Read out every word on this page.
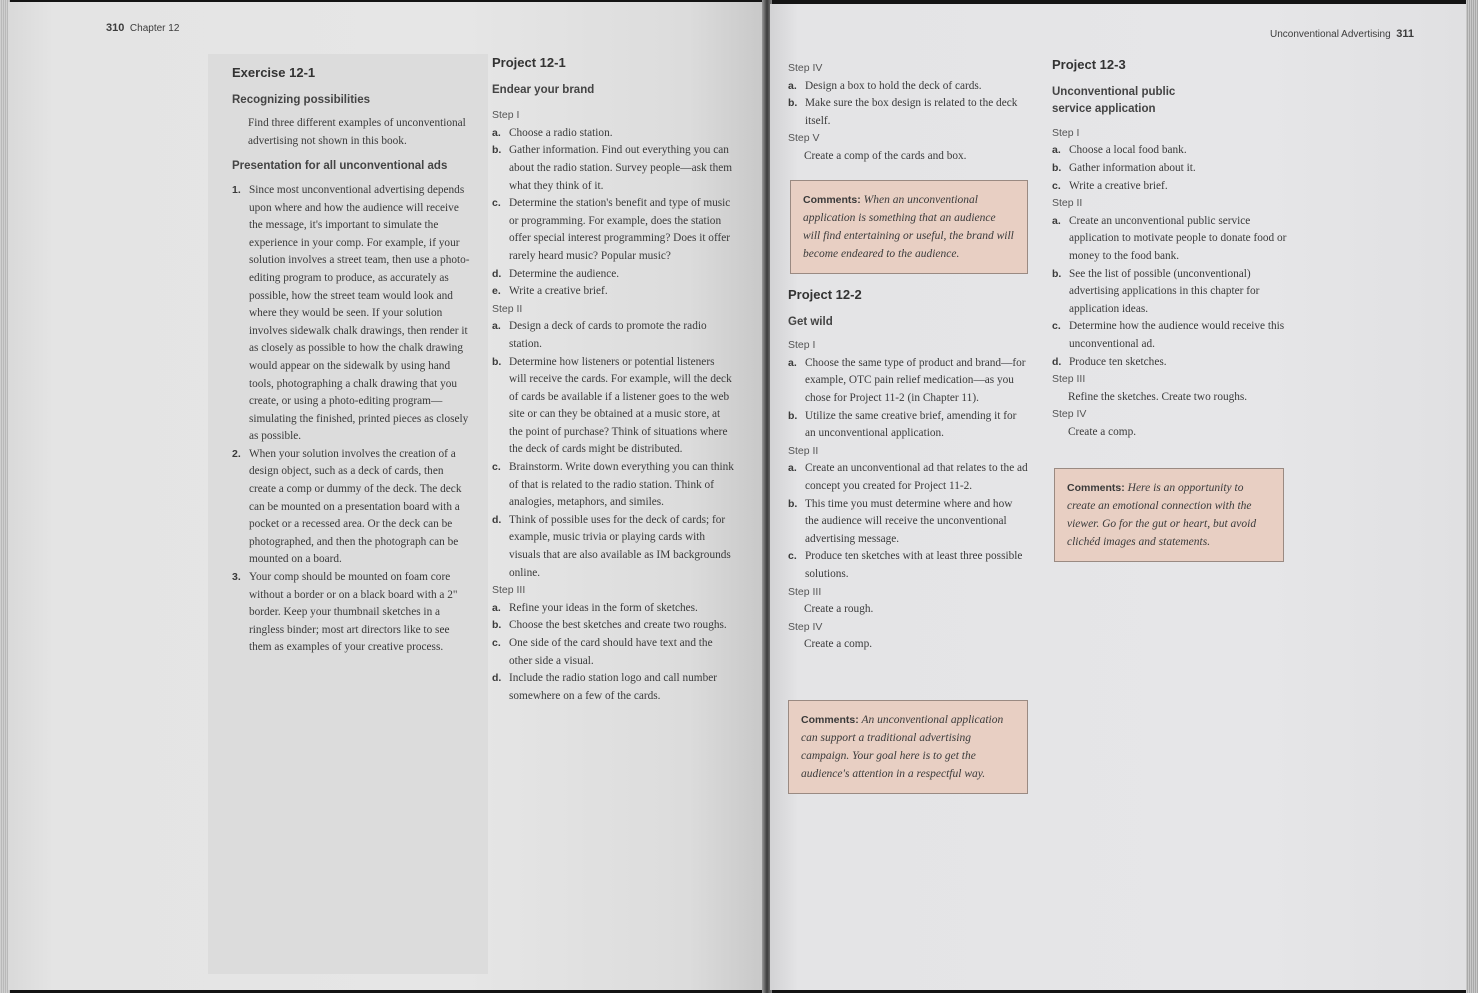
310 Chapter 12
Exercise 12-1
Recognizing possibilities

Find three different examples of unconventional advertising not shown in this book.

Presentation for all unconventional ads
1. Since most unconventional advertising depends upon where and how the audience will receive the message, it's important to simulate the experience in your comp. For example, if your solution involves a street team, then use a photo-editing program to produce, as accurately as possible, how the street team would look and where they would be seen. If your solution involves sidewalk chalk drawings, then render it as closely as possible to how the chalk drawing would appear on the sidewalk by using hand tools, photographing a chalk drawing that you create, or using a photo-editing program—simulating the finished, printed pieces as closely as possible.

2. When your solution involves the creation of a design object, such as a deck of cards, then create a comp or dummy of the deck. The deck can be mounted on a presentation board with a pocket or a recessed area. Or the deck can be photographed, and then the photograph can be mounted on a board.

3. Your comp should be mounted on foam core without a border or on a black board with a 2" border. Keep your thumbnail sketches in a ringless binder; most art directors like to see them as examples of your creative process.

Project 12-1
Endear your brand
Step I
a. Choose a radio station.

b. Gather information. Find out everything you can about the radio station. Survey people—ask them what they think of it.

c. Determine the station's benefit and type of music or programming. For example, does the station offer special interest programming? Does it offer rarely heard music? Popular music?

d. Determine the audience.

e. Write a creative brief.

Step II
a. Design a deck of cards to promote the radio station.

b. Determine how listeners or potential listeners will receive the cards. For example, will the deck of cards be available if a listener goes to the web site or can they be obtained at a music store, at the point of purchase? Think of situations where the deck of cards might be distributed.

c. Brainstorm. Write down everything you can think of that is related to the radio station. Think of analogies, metaphors, and similes.

d. Think of possible uses for the deck of cards; for example, music trivia or playing cards with visuals that are also available as IM backgrounds online.

Step III
a. Refine your ideas in the form of sketches.

b. Choose the best sketches and create two roughs.

c. One side of the card should have text and the other side a visual.

d. Include the radio station logo and call number somewhere on a few of the cards.

Unconventional Advertising 311
Step IV
a. Design a box to hold the deck of cards.

b. Make sure the box design is related to the deck itself.

Step V

Create a comp of the cards and box.

Comments: When an unconventional application is something that an audience will find entertaining or useful, the brand will become endeared to the audience.
Project 12-2
Get wild
Step I
a. Choose the same type of product and brand—for example, OTC pain relief medication—as you chose for Project 11-2 (in Chapter 11).

b. Utilize the same creative brief, amending it for an unconventional application.

Step II
a. Create an unconventional ad that relates to the ad concept you created for Project 11-2.

b. This time you must determine where and how the audience will receive the unconventional advertising message.

c. Produce ten sketches with at least three possible solutions.

Step III

Create a rough.

Step IV

Create a comp.

Comments: An unconventional application can support a traditional advertising campaign. Your goal here is to get the audience's attention in a respectful way.
Project 12-3
Unconventional public service application
Step I
a. Choose a local food bank.

b. Gather information about it.

c. Write a creative brief.

Step II
a. Create an unconventional public service application to motivate people to donate food or money to the food bank.

b. See the list of possible (unconventional) advertising applications in this chapter for application ideas.

c. Determine how the audience would receive this unconventional ad.

d. Produce ten sketches.

Step III

Refine the sketches. Create two roughs.

Step IV

Create a comp.

Comments: Here is an opportunity to create an emotional connection with the viewer. Go for the gut or heart, but avoid clichéd images and statements.
